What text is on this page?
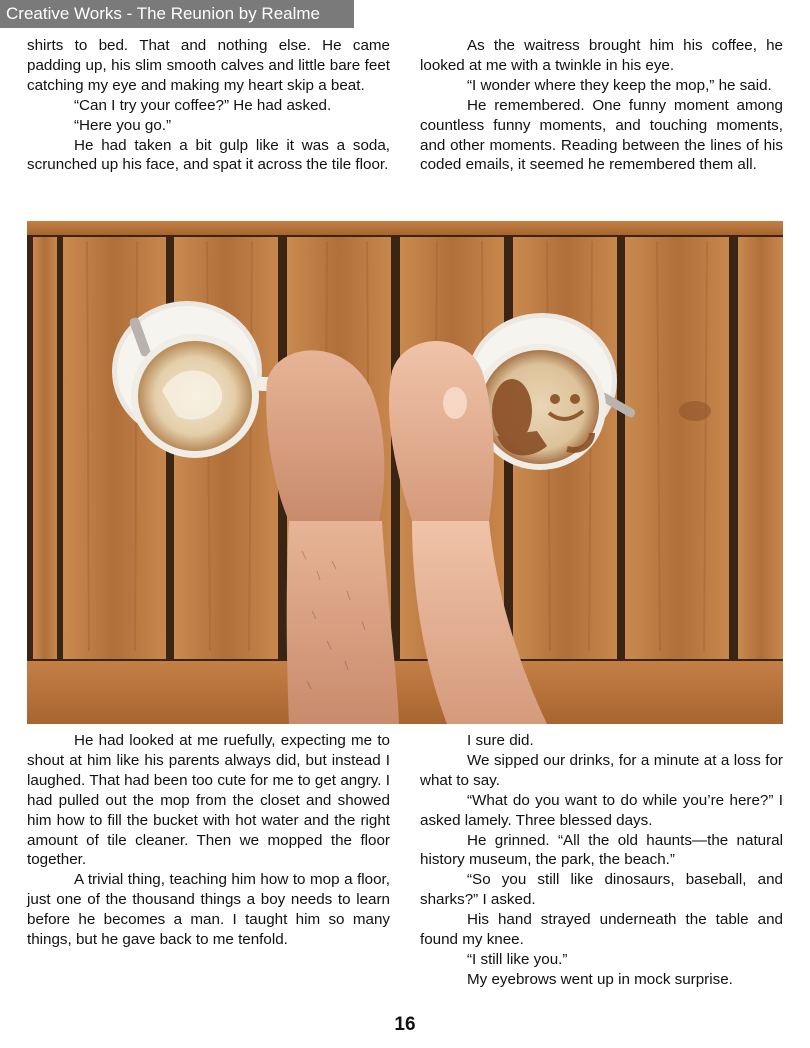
Creative Works - The Reunion by Realme

shirts to bed. That and nothing else. He came padding up, his slim smooth calves and little bare feet catching my eye and making my heart skip a beat.

“Can I try your coffee?” He had asked.

“Here you go.”

He had taken a bit gulp like it was a soda, scrunched up his face, and spat it across the tile floor.

As the waitress brought him his coffee, he looked at me with a twinkle in his eye.

“I wonder where they keep the mop,” he said.

He remembered. One funny moment among countless funny moments, and touching moments, and other moments. Reading between the lines of his coded emails, it seemed he remembered them all.

He had looked at me ruefully, expecting me to shout at him like his parents always did, but instead I laughed. That had been too cute for me to get angry. I had pulled out the mop from the closet and showed him how to fill the bucket with hot water and the right amount of tile cleaner. Then we mopped the floor together.

A trivial thing, teaching him how to mop a floor, just one of the thousand things a boy needs to learn before he becomes a man. I taught him so many things, but he gave back to me tenfold.

I sure did.

We sipped our drinks, for a minute at a loss for what to say.

“What do you want to do while you’re here?” I asked lamely. Three blessed days.

He grinned. “All the old haunts—the natural history museum, the park, the beach.”

“So you still like dinosaurs, baseball, and sharks?” I asked.

His hand strayed underneath the table and found my knee.

“I still like you.”

My eyebrows went up in mock surprise.

16
